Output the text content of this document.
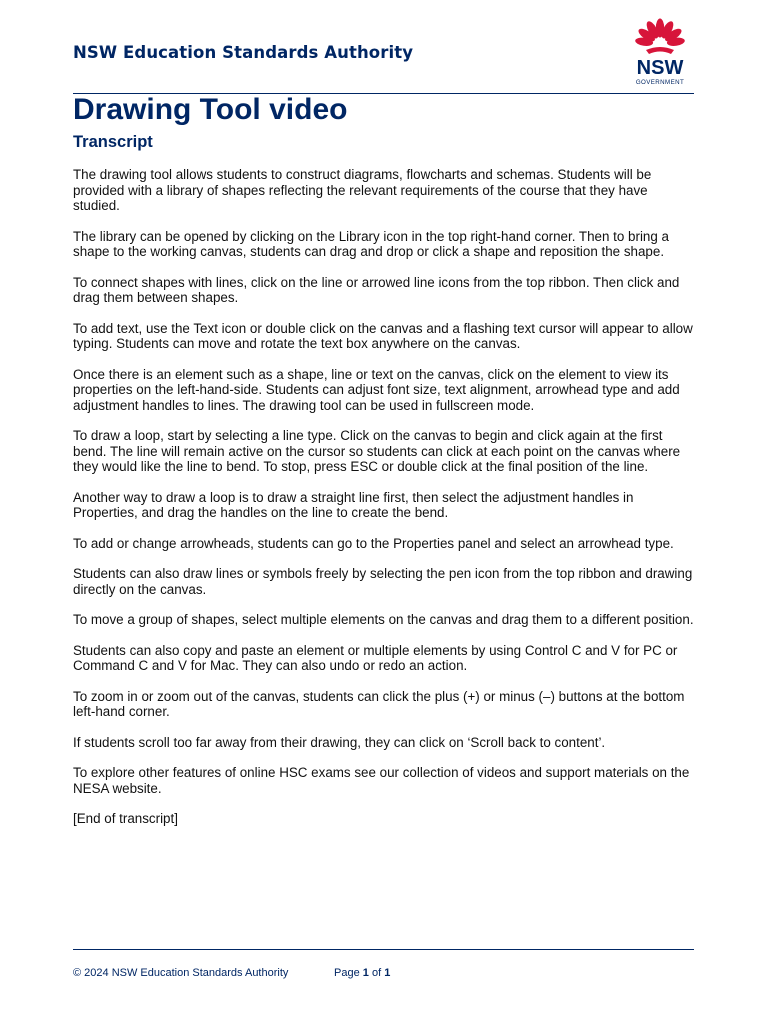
NSW Education Standards Authority
NSW
GOVERNMENT
Drawing Tool video
Transcript

The drawing tool allows students to construct diagrams, flowcharts and schemas. Students will be provided with a library of shapes reflecting the relevant requirements of the course that they have studied.

The library can be opened by clicking on the Library icon in the top right-hand corner. Then to bring a shape to the working canvas, students can drag and drop or click a shape and reposition the shape.

To connect shapes with lines, click on the line or arrowed line icons from the top ribbon. Then click and drag them between shapes.

To add text, use the Text icon or double click on the canvas and a flashing text cursor will appear to allow typing. Students can move and rotate the text box anywhere on the canvas.

Once there is an element such as a shape, line or text on the canvas, click on the element to view its properties on the left-hand-side. Students can adjust font size, text alignment, arrowhead type and add adjustment handles to lines. The drawing tool can be used in fullscreen mode.

To draw a loop, start by selecting a line type. Click on the canvas to begin and click again at the first bend. The line will remain active on the cursor so students can click at each point on the canvas where they would like the line to bend. To stop, press ESC or double click at the final position of the line.

Another way to draw a loop is to draw a straight line first, then select the adjustment handles in Properties, and drag the handles on the line to create the bend.

To add or change arrowheads, students can go to the Properties panel and select an arrowhead type.

Students can also draw lines or symbols freely by selecting the pen icon from the top ribbon and drawing directly on the canvas.

To move a group of shapes, select multiple elements on the canvas and drag them to a different position.

Students can also copy and paste an element or multiple elements by using Control C and V for PC or Command C and V for Mac. They can also undo or redo an action.

To zoom in or zoom out of the canvas, students can click the plus (+) or minus (–) buttons at the bottom left-hand corner.

If students scroll too far away from their drawing, they can click on ‘Scroll back to content’.

To explore other features of online HSC exams see our collection of videos and support materials on the NESA website.

[End of transcript]

© 2024 NSW Education Standards Authority	Page 1 of 1
